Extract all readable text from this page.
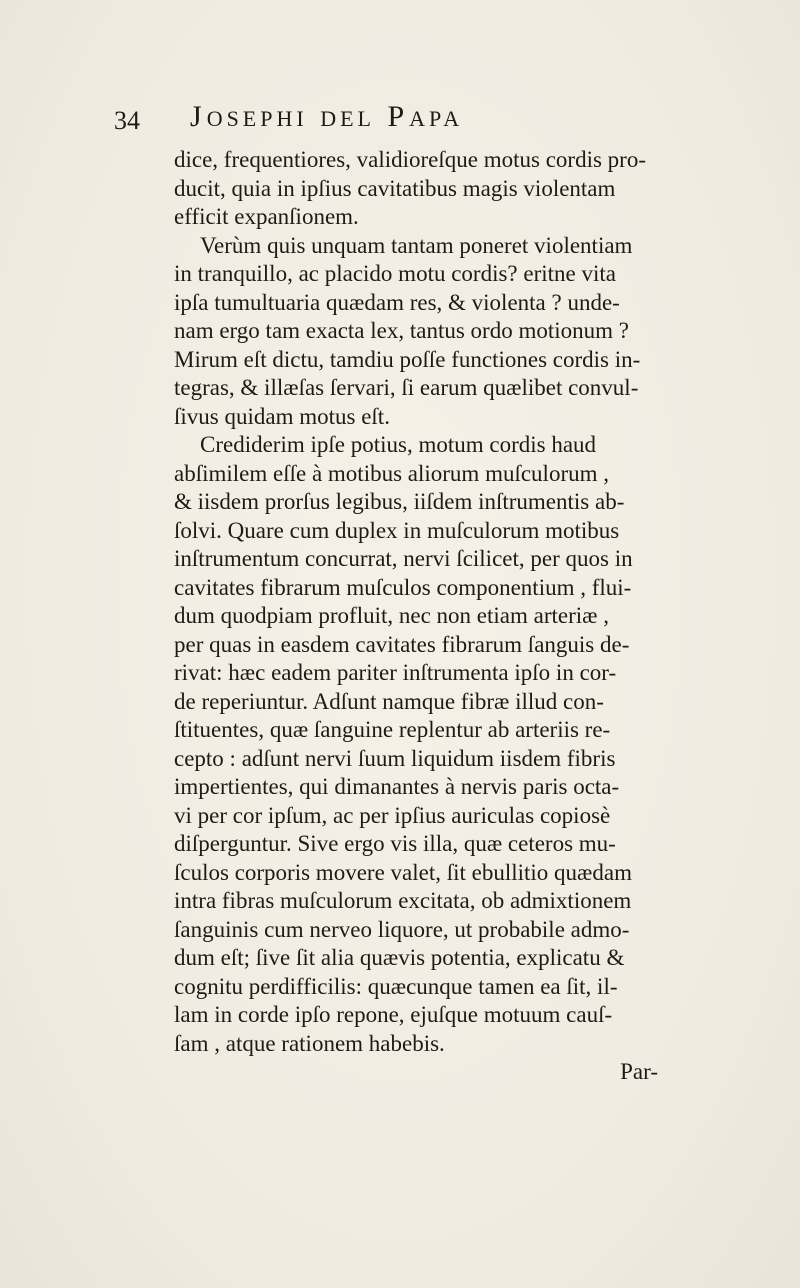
34 JOSEPHI DEL PAPA
dice, frequentiores, validioreſque motus cordis pro-
ducit, quia in ipſius cavitatibus magis violentam
efficit expanſionem.
Verùm quis unquam tantam poneret violentiam
in tranquillo, ac placido motu cordis? eritne vita
ipſa tumultuaria quædam res, & violenta ? unde-
nam ergo tam exacta lex, tantus ordo motionum ?
Mirum eſt dictu, tamdiu poſſe functiones cordis in-
tegras, & illæſas ſervari, ſi earum quælibet convul-
ſivus quidam motus eſt.
Crediderim ipſe potius, motum cordis haud
abſimilem eſſe à motibus aliorum muſculorum ,
& iisdem prorſus legibus, iiſdem inſtrumentis ab-
ſolvi. Quare cum duplex in muſculorum motibus
inſtrumentum concurrat, nervi ſcilicet, per quos in
cavitates fibrarum muſculos componentium , flui-
dum quodpiam profluit, nec non etiam arteriæ ,
per quas in easdem cavitates fibrarum ſanguis de-
rivat: hæc eadem pariter inſtrumenta ipſo in cor-
de reperiuntur. Adſunt namque fibræ illud con-
ſtituentes, quæ ſanguine replentur ab arteriis re-
cepto : adſunt nervi ſuum liquidum iisdem fibris
impertientes, qui dimanantes à nervis paris octa-
vi per cor ipſum, ac per ipſius auriculas copiosè
diſperguntur. Sive ergo vis illa, quæ ceteros mu-
ſculos corporis movere valet, ſit ebullitio quædam
intra fibras muſculorum excitata, ob admixtionem
ſanguinis cum nerveo liquore, ut probabile admo-
dum eſt; ſive ſit alia quævis potentia, explicatu &
cognitu perdifficilis: quæcunque tamen ea ſit, il-
lam in corde ipſo repone, ejuſque motuum cauſ-
ſam , atque rationem habebis.
Par-
